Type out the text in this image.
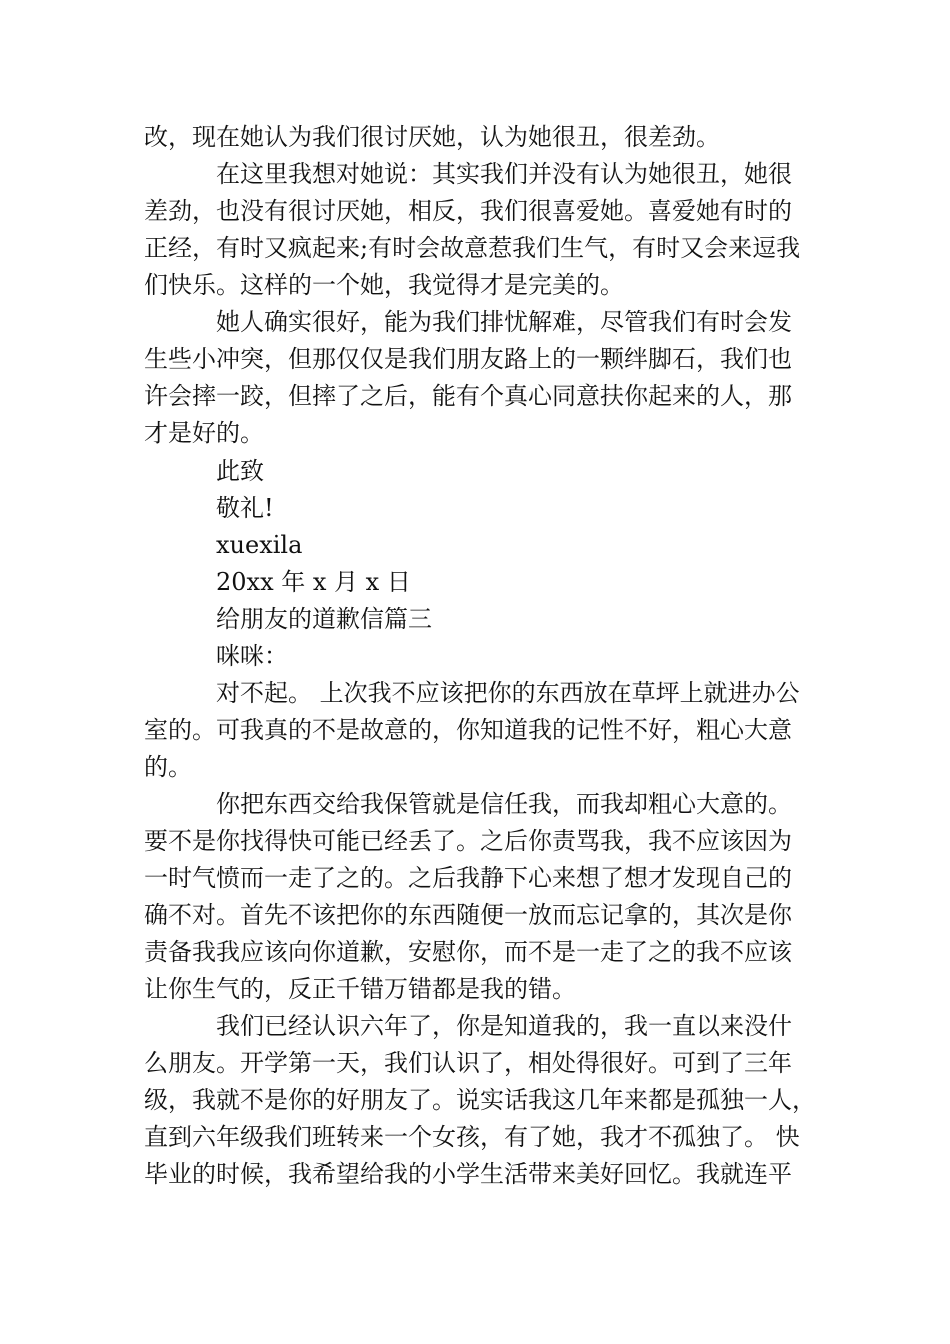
改，现在她认为我们很讨厌她，认为她很丑，很差劲。
在这里我想对她说：其实我们并没有认为她很丑，她很
差劲，也没有很讨厌她，相反，我们很喜爱她。喜爱她有时的
正经，有时又疯起来;有时会故意惹我们生气，有时又会来逗我
们快乐。这样的一个她，我觉得才是完美的。
她人确实很好，能为我们排忧解难，尽管我们有时会发
生些小冲突，但那仅仅是我们朋友路上的一颗绊脚石，我们也
许会摔一跤，但摔了之后，能有个真心同意扶你起来的人，那
才是好的。
此致
敬礼!
xuexila
20xx 年 x 月 x 日
给朋友的道歉信篇三
咪咪：
对不起。 上次我不应该把你的东西放在草坪上就进办公
室的。可我真的不是故意的，你知道我的记性不好，粗心大意
的。
你把东西交给我保管就是信任我，而我却粗心大意的。
要不是你找得快可能已经丢了。之后你责骂我，我不应该因为
一时气愤而一走了之的。之后我静下心来想了想才发现自己的
确不对。首先不该把你的东西随便一放而忘记拿的，其次是你
责备我我应该向你道歉，安慰你，而不是一走了之的我不应该
让你生气的，反正千错万错都是我的错。
我们已经认识六年了，你是知道我的，我一直以来没什
么朋友。开学第一天，我们认识了，相处得很好。可到了三年
级，我就不是你的好朋友了。说实话我这几年来都是孤独一人，
直到六年级我们班转来一个女孩，有了她，我才不孤独了。 快
毕业的时候，我希望给我的小学生活带来美好回忆。我就连平
